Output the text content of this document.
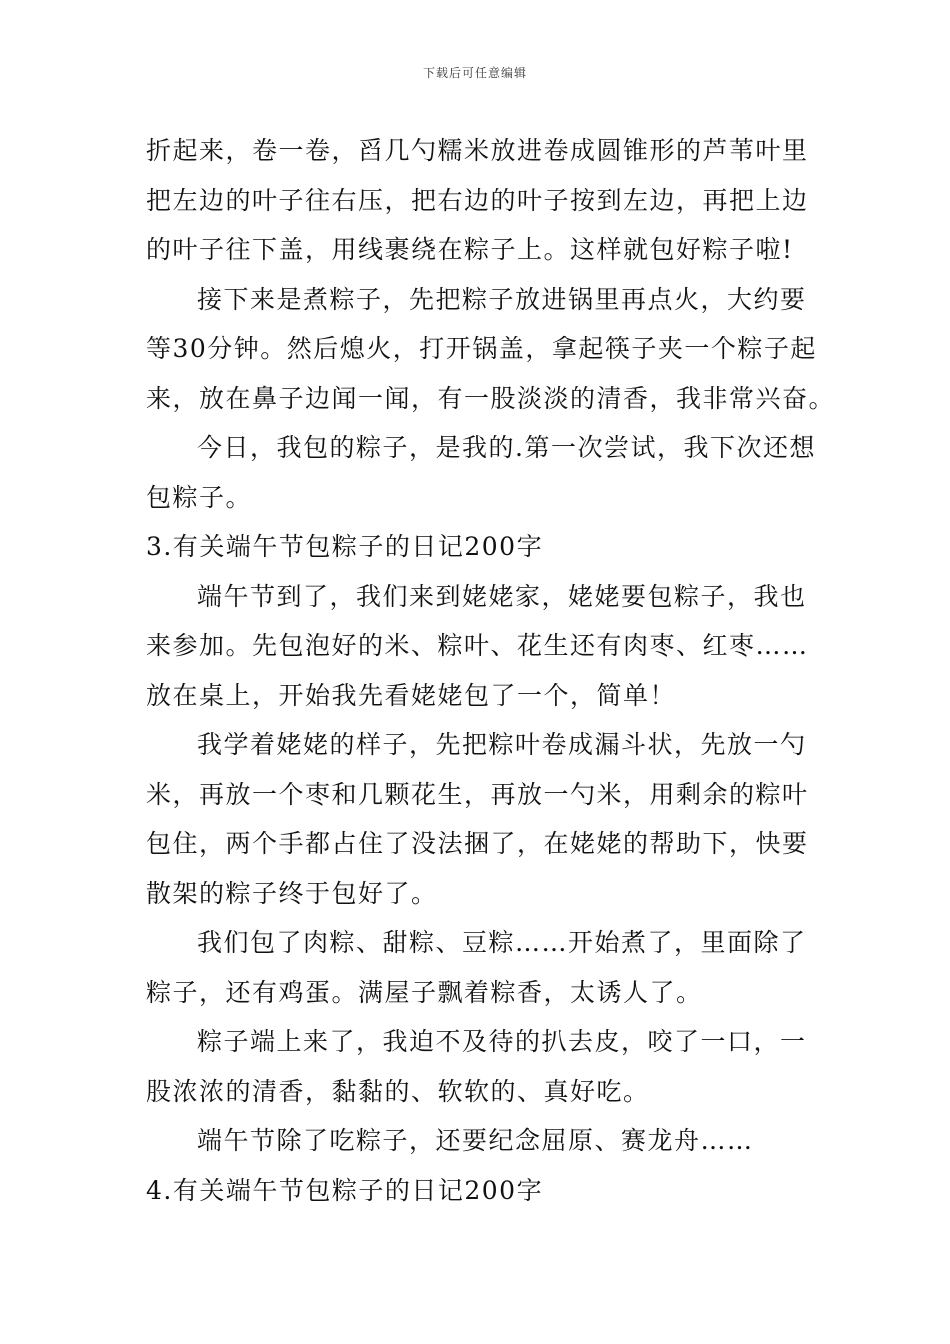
下载后可任意编辑
折起来，卷一卷，舀几勺糯米放进卷成圆锥形的芦苇叶里
把左边的叶子往右压，把右边的叶子按到左边，再把上边
的叶子往下盖，用线裹绕在粽子上。这样就包好粽子啦!
接下来是煮粽子，先把粽子放进锅里再点火，大约要
等30分钟。然后熄火，打开锅盖，拿起筷子夹一个粽子起
来，放在鼻子边闻一闻，有一股淡淡的清香，我非常兴奋。
今日，我包的粽子，是我的.第一次尝试，我下次还想
包粽子。
3.有关端午节包粽子的日记200字
端午节到了，我们来到姥姥家，姥姥要包粽子，我也
来参加。先包泡好的米、粽叶、花生还有肉枣、红枣……
放在桌上，开始我先看姥姥包了一个，简单！
我学着姥姥的样子，先把粽叶卷成漏斗状，先放一勺
米，再放一个枣和几颗花生，再放一勺米，用剩余的粽叶
包住，两个手都占住了没法捆了，在姥姥的帮助下，快要
散架的粽子终于包好了。
我们包了肉粽、甜粽、豆粽……开始煮了，里面除了
粽子，还有鸡蛋。满屋子飘着粽香，太诱人了。
粽子端上来了，我迫不及待的扒去皮，咬了一口，一
股浓浓的清香，黏黏的、软软的、真好吃。
端午节除了吃粽子，还要纪念屈原、赛龙舟……
4.有关端午节包粽子的日记200字
